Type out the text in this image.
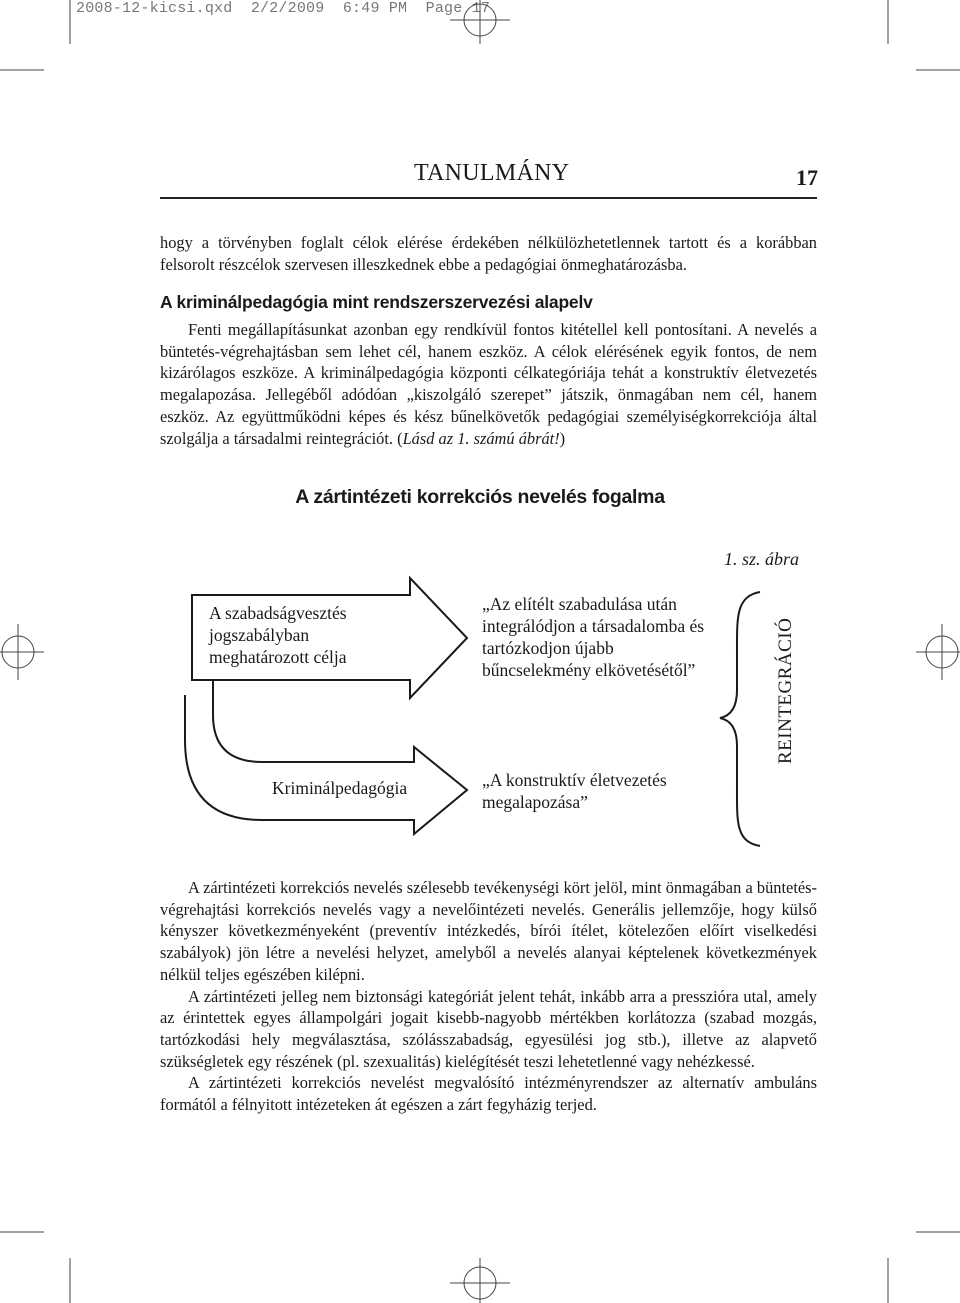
2008-12-kicsi.qxd  2/2/2009  6:49 PM  Page 17
TANULMÁNY	17

hogy a törvényben foglalt célok elérése érdekében nélkülözhetetlennek tartott és a korábban felsorolt részcélok szervesen illeszkednek ebbe a pedagógiai önmeghatározásba.

A kriminálpedagógia mint rendszerszervezési alapelv

Fenti megállapításunkat azonban egy rendkívül fontos kitétellel kell pontosítani. A nevelés a büntetés-végrehajtásban sem lehet cél, hanem eszköz. A célok elérésének egyik fontos, de nem kizárólagos eszköze. A kriminálpedagógia központi célkategóriája tehát a konstruktív életvezetés megalapozása. Jellegéből adódóan „kiszolgáló szerepet” játszik, önmagában nem cél, hanem eszköz. Az együttműködni képes és kész bűnelkövetők pedagógiai személyiségkorrekciója által szolgálja a társadalmi reintegrációt. (Lásd az 1. számú ábrát!)

A zártintézeti korrekciós nevelés fogalma
1. sz. ábra
A szabadságvesztés jogszabályban meghatározott célja
Kriminálpedagógia
„Az elítélt szabadulása után integrálódjon a társadalomba és tartózkodjon újabb bűncselekmény elkövetésétől”
„A konstruktív életvezetés megalapozása”
REINTEGRÁCIÓ

A zártintézeti korrekciós nevelés szélesebb tevékenységi kört jelöl, mint önmagában a büntetés-végrehajtási korrekciós nevelés vagy a nevelőintézeti nevelés. Generális jellemzője, hogy külső kényszer következményeként (preventív intézkedés, bírói ítélet, kötelezően előírt viselkedési szabályok) jön létre a nevelési helyzet, amelyből a nevelés alanyai képtelenek következmények nélkül teljes egészében kilépni.

A zártintézeti jelleg nem biztonsági kategóriát jelent tehát, inkább arra a presszióra utal, amely az érintettek egyes állampolgári jogait kisebb-nagyobb mértékben korlátozza (szabad mozgás, tartózkodási hely megválasztása, szólásszabadság, egyesülési jog stb.), illetve az alapvető szükségletek egy részének (pl. szexualitás) kielégítését teszi lehetetlenné vagy nehézkessé.

A zártintézeti korrekciós nevelést megvalósító intézményrendszer az alternatív ambuláns formától a félnyitott intézeteken át egészen a zárt fegyházig terjed.
